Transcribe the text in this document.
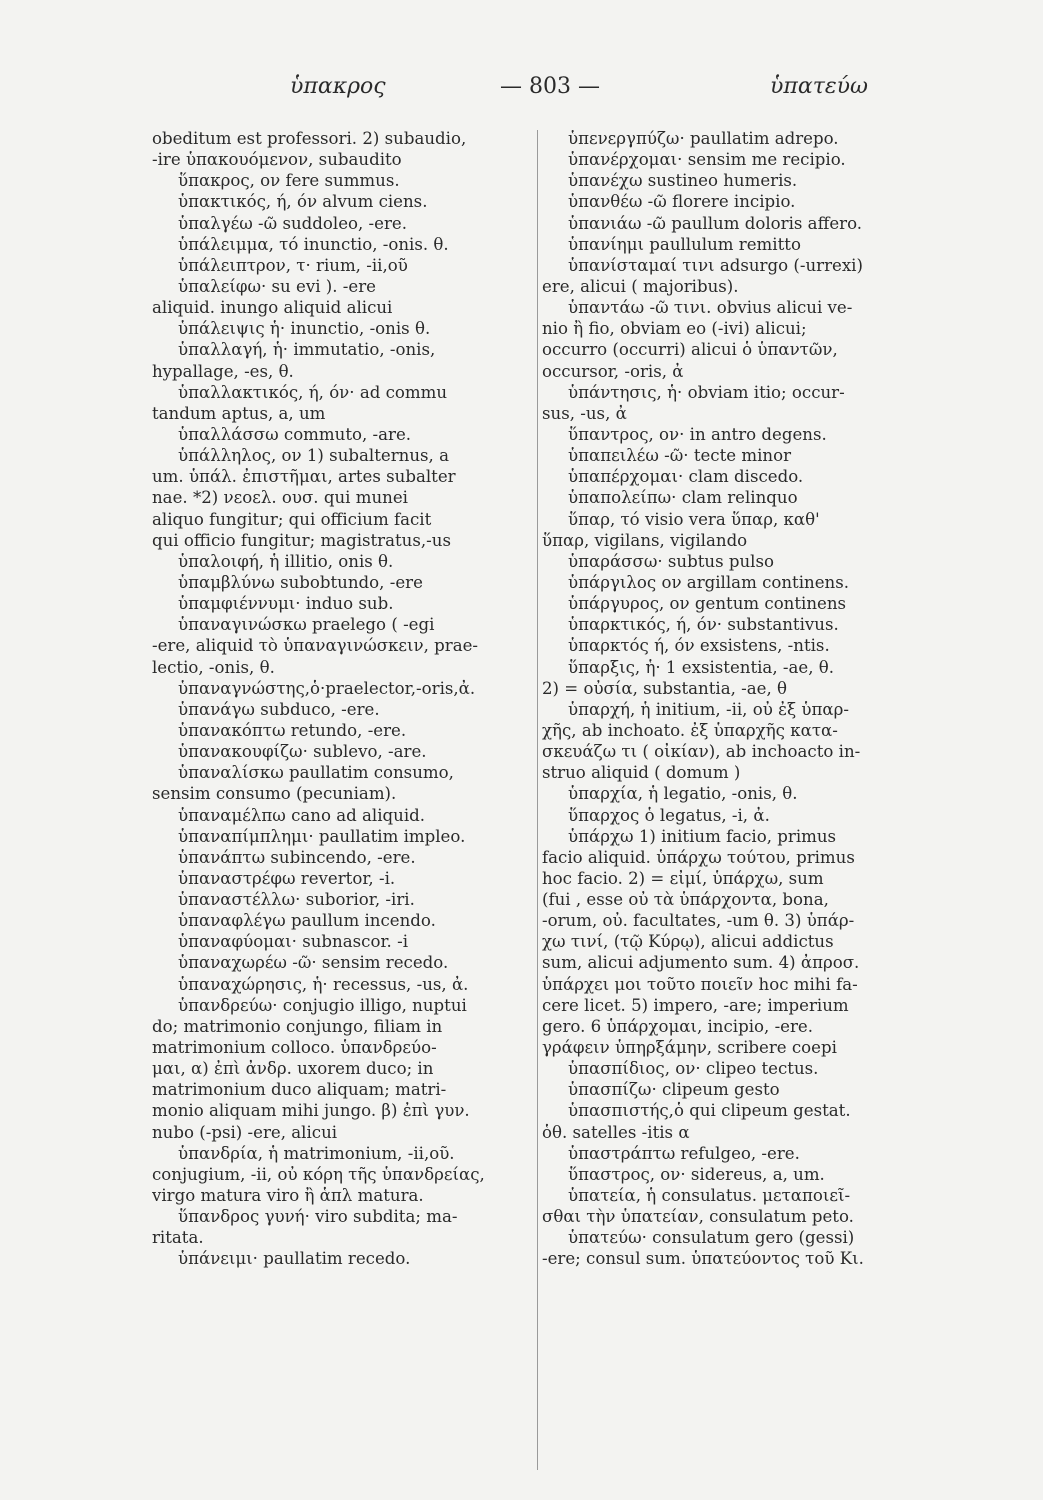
ὑπακρος	— 803 —	ὑπατεύω
obeditum est professori. 2) subaudio,
-ire ὑπακουόμενον, subaudito
ὕπακρος, ον fere summus.
ὑπακτικός, ή, όν alvum ciens.
ὑπαλγέω -ῶ suddoleo, -ere.
ὑπάλειμμα, τό inunctio, -onis. θ.
ὑπάλειπτρον, τ· rium, -ii,οῦ
ὑπαλείφω· su evi ). -ere
aliquid. inungo aliquid alicui
ὑπάλειψις ἡ· inunctio, -onis θ.
ὑπαλλαγή, ἡ· immutatio, -onis,
hypallage, -es, θ.
ὑπαλλακτικός, ή, όν· ad commu
tandum aptus, a, um
ὑπαλλάσσω commuto, -are.
ὑπάλληλος, ον 1) subalternus, a
um. ὑπάλ. ἐπιστῆμαι, artes subalter
nae. *2) νεοελ. ουσ. qui munei
aliquo fungitur; qui officium facit
qui officio fungitur; magistratus,-us
ὑπαλοιφή, ἡ illitio, onis θ.
ὑπαμβλύνω subobtundo, -ere
ὑπαμφιέννυμι· induo sub.
ὑπαναγινώσκω praelego ( -egi
-ere, aliquid τὸ ὑπαναγινώσκειν, prae-
lectio, -onis, θ.
ὑπαναγνώστης,ὁ·praelector,-oris,ἀ.
ὑπανάγω subduco, -ere.
ὑπανακόπτω retundo, -ere.
ὑπανακουφίζω· sublevo, -are.
ὑπαναλίσκω paullatim consumo,
sensim consumo (pecuniam).
ὑπαναμέλπω cano ad aliquid.
ὑπαναπίμπλημι· paullatim impleo.
ὑπανάπτω subincendo, -ere.
ὑπαναστρέφω revertor, -i.
ὑπαναστέλλω· suborior, -iri.
ὑπαναφλέγω paullum incendo.
ὑπαναφύομαι· subnascor. -i
ὑπαναχωρέω -ῶ· sensim recedo.
ὑπαναχώρησις, ἡ· recessus, -us, ἀ.
ὑπανδρεύω· conjugio illigo, nuptui
do; matrimonio conjungo, filiam in
matrimonium colloco. ὑπανδρεύο-
μαι, α) ἐπὶ ἀνδρ. uxorem duco; in
matrimonium duco aliquam; matri-
monio aliquam mihi jungo. β) ἐπὶ γυν.
nubo (-psi) -ere, alicui
ὑπανδρία, ἡ matrimonium, -ii,οῦ.
conjugium, -ii, οὐ κόρη τῆς ὑπανδρείας,
virgo matura viro ἢ ἁπλ matura.
ὕπανδρος γυνή· viro subdita; ma-
ritata.
ὑπάνειμι· paullatim recedo.
ὑπενεργπύζω· paullatim adrepo.
ὑπανέρχομαι· sensim me recipio.
ὑπανέχω sustineo humeris.
ὑπανθέω -ῶ florere incipio.
ὑπανιάω -ῶ paullum doloris affero.
ὑπανίημι paullulum remitto
ὑπανίσταμαί τινι adsurgo (-urrexi)
ere, alicui ( majoribus).
ὑπαντάω -ῶ τινι. obvius alicui ve-
nio ἢ fio, obviam eo (-ivi) alicui;
occurro (occurri) alicui ὁ ὑπαντῶν,
occursor, -oris, ἀ
ὑπάντησις, ἡ· obviam itio; occur-
sus, -us, ἀ
ὕπαντρος, ον· in antro degens.
ὑπαπειλέω -ῶ· tecte minor
ὑπαπέρχομαι· clam discedo.
ὑπαπολείπω· clam relinquo
ὕπαρ, τό visio vera ὕπαρ, καθ'
ὕπαρ, vigilans, vigilando
ὑπαράσσω· subtus pulso
ὑπάργιλος ον argillam continens.
ὑπάργυρος, ον gentum continens
ὑπαρκτικός, ή, όν· substantivus.
ὑπαρκτός ή, όν exsistens, -ntis.
ὕπαρξις, ἡ· 1 exsistentia, -ae, θ.
2) = οὐσία, substantia, -ae, θ
ὑπαρχή, ἡ initium, -ii, οὐ ἐξ ὑπαρ-
χῆς, ab inchoato. ἐξ ὑπαρχῆς κατα-
σκευάζω τι ( οἰκίαν), ab inchoacto in-
struo aliquid ( domum )
ὑπαρχία, ἡ legatio, -onis, θ.
ὕπαρχος ὁ legatus, -i, ἀ.
ὑπάρχω 1) initium facio, primus
facio aliquid. ὑπάρχω τούτου, primus
hoc facio. 2) = εἰμί, ὑπάρχω, sum
(fui , esse οὐ τὰ ὑπάρχοντα, bona,
-orum, οὐ. facultates, -um θ. 3) ὑπάρ-
χω τινί, (τῷ Κύρῳ), alicui addictus
sum, alicui adjumento sum. 4) ἀπροσ.
ὑπάρχει μοι τοῦτο ποιεῖν hoc mihi fa-
cere licet. 5) impero, -are; imperium
gero. 6 ὑπάρχομαι, incipio, -ere.
γράφειν ὑπηρξάμην, scribere coepi
ὑπασπίδιος, ον· clipeo tectus.
ὑπασπίζω· clipeum gesto
ὑπασπιστής,ὁ qui clipeum gestat.
ὁθ. satelles -itis α
ὑπαστράπτω refulgeo, -ere.
ὕπαστρος, ον· sidereus, a, um.
ὑπατεία, ἡ consulatus. μεταποιεῖ-
σθαι τὴν ὑπατείαν, consulatum peto.
ὑπατεύω· consulatum gero (gessi)
-ere; consul sum. ὑπατεύοντος τοῦ Κι.
